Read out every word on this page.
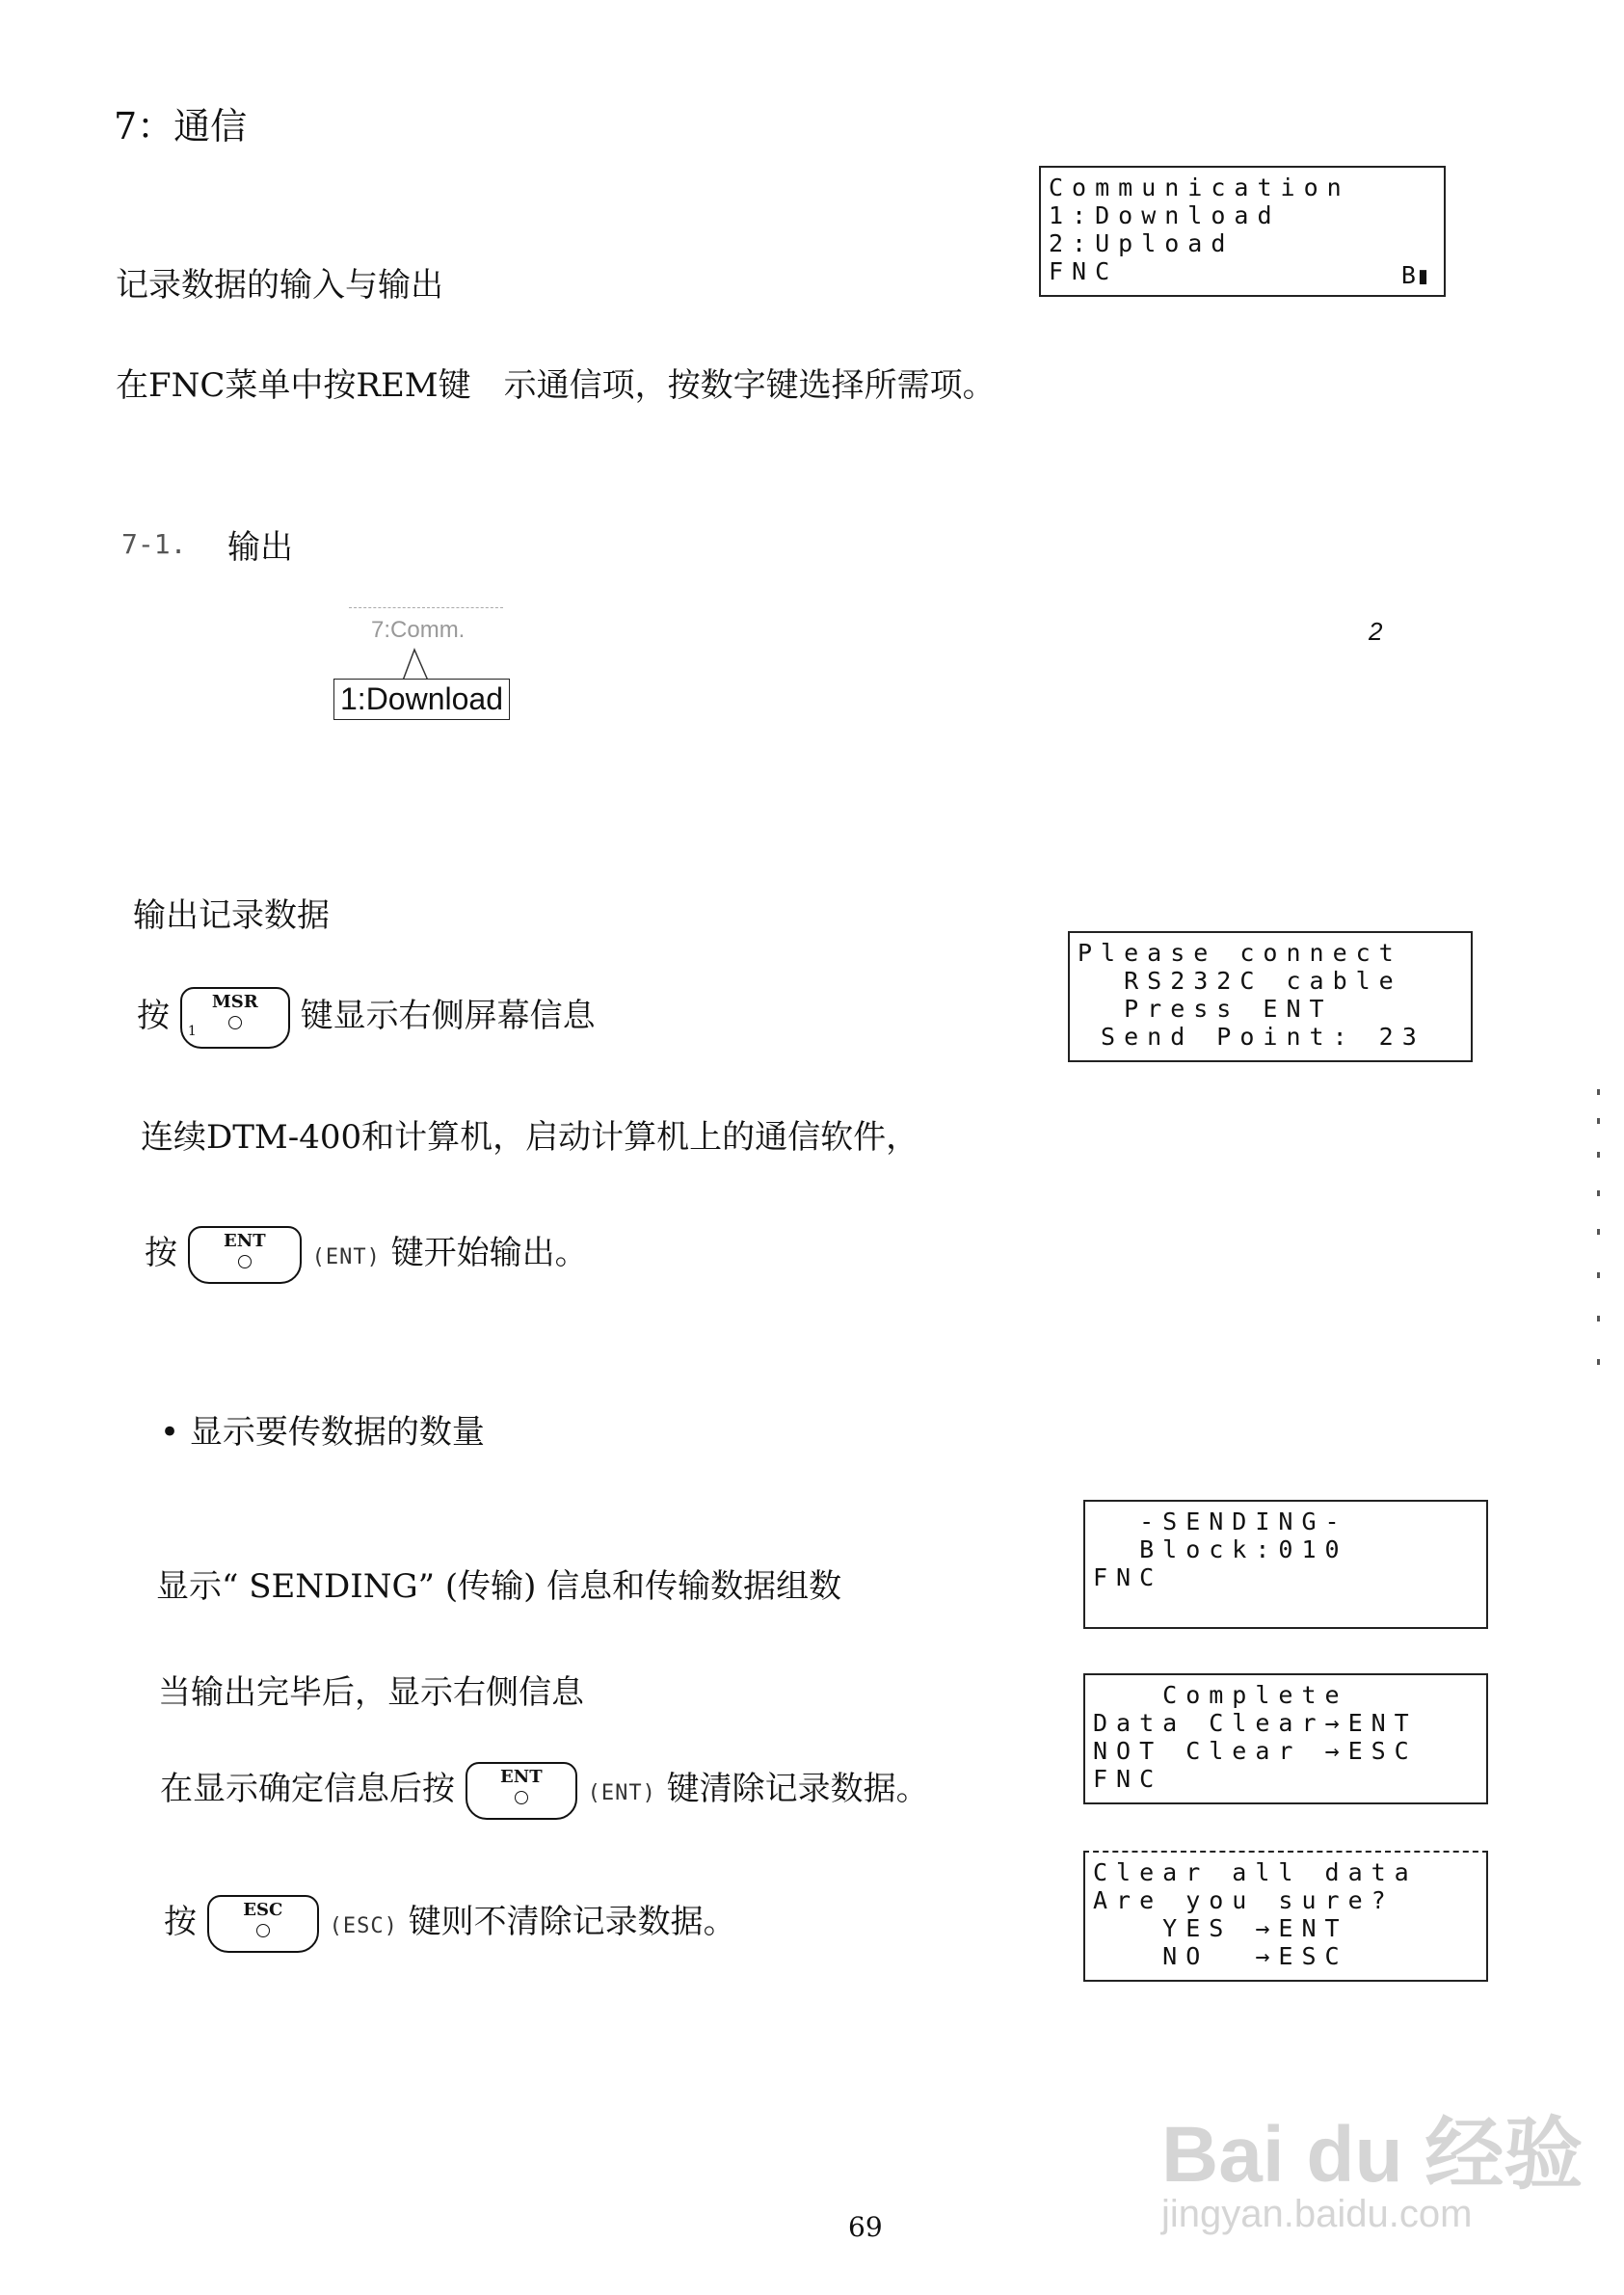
7：通信
Communication
1:Download
2:Upload
FNC	B▮
记录数据的输入与输出
在FNC菜单中按REM键　示通信项，按数字键选择所需项。
7-1. 输出
7:Comm.
1:Download
2
输出记录数据
Please connect
RS232C cable
Press ENT
Send Point: 23
按	MSR
1	键显示右侧屏幕信息
连续DTM-400和计算机，启动计算机上的通信软件，
按	ENT
(ENT) 键开始输出。
• 显示要传数据的数量
-SENDING-
Block:010
FNC
显示“ SENDING” (传输) 信息和传输数据组数
Complete
Data Clear→ENT
NOT Clear →ESC
FNC
当输出完毕后，显示右侧信息
在显示确定信息后按	ENT
(ENT) 键清除记录数据。
Clear all data
Are you sure?
YES →ENT
NO  →ESC
按	ESC
(ESC) 键则不清除记录数据。
Bai du 经验
jingyan.baidu.com
69
